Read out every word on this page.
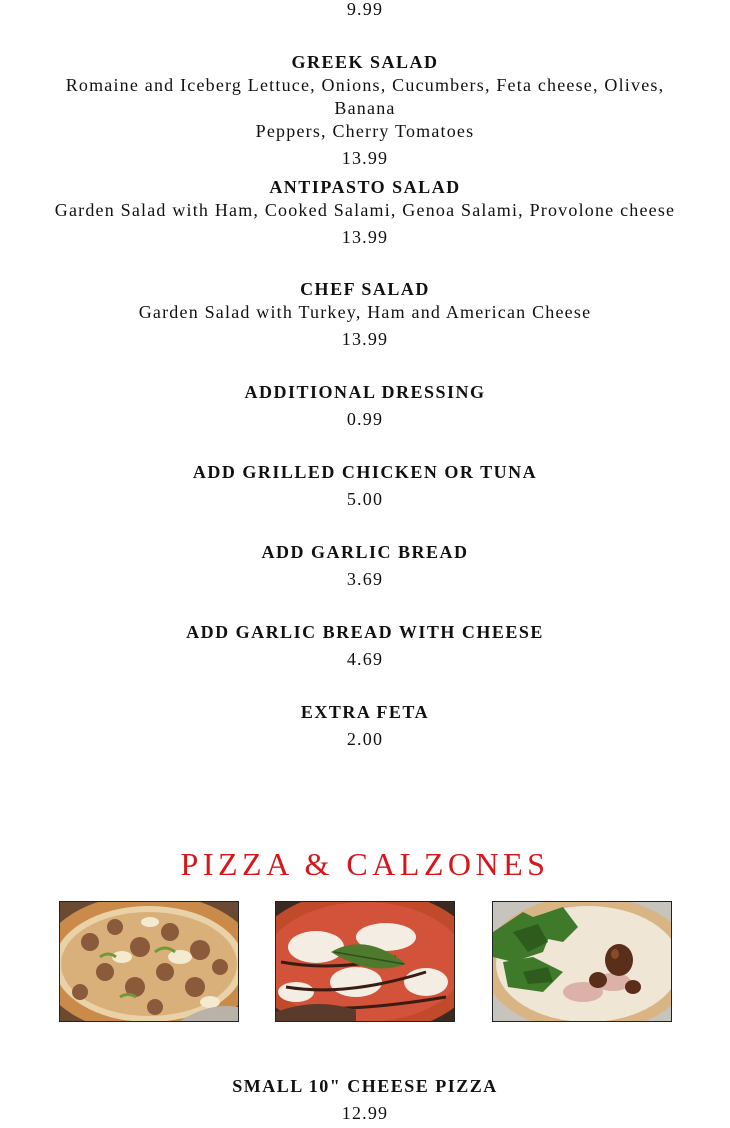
9.99
GREEK SALAD
Romaine and Iceberg Lettuce, Onions, Cucumbers, Feta cheese, Olives, Banana
Peppers, Cherry Tomatoes
13.99
ANTIPASTO SALAD
Garden Salad with Ham, Cooked Salami, Genoa Salami, Provolone cheese
13.99
CHEF SALAD
Garden Salad with Turkey, Ham and American Cheese
13.99
ADDITIONAL DRESSING
0.99
ADD GRILLED CHICKEN OR TUNA
5.00
ADD GARLIC BREAD
3.69
ADD GARLIC BREAD WITH CHEESE
4.69
EXTRA FETA
2.00
PIZZA & CALZONES
SMALL 10" CHEESE PIZZA
12.99
